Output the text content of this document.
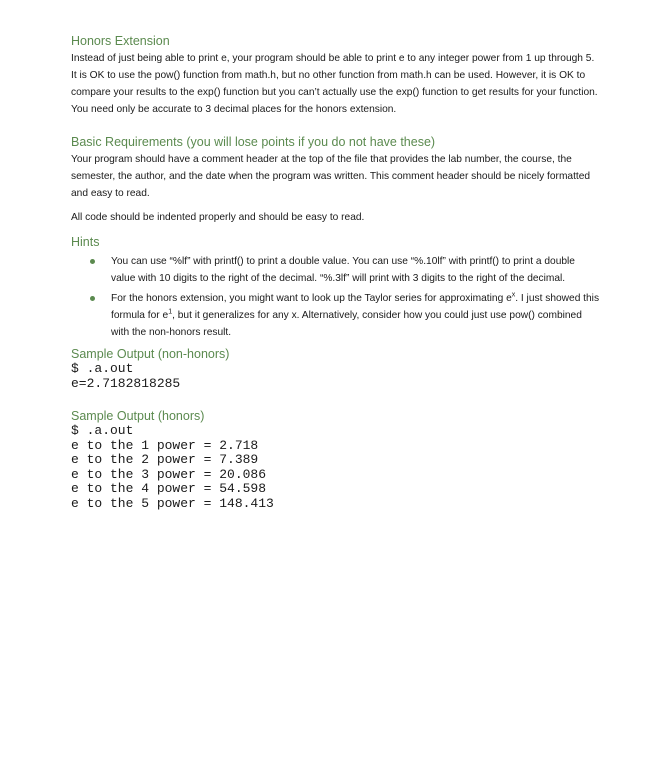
Honors Extension

Instead of just being able to print e, your program should be able to print e to any integer power from 1 up through 5. It is OK to use the pow() function from math.h, but no other function from math.h can be used. However, it is OK to compare your results to the exp() function but you can’t actually use the exp() function to get results for your function. You need only be accurate to 3 decimal places for the honors extension.

Basic Requirements (you will lose points if you do not have these)

Your program should have a comment header at the top of the file that provides the lab number, the course, the semester, the author, and the date when the program was written. This comment header should be nicely formatted and easy to read.

All code should be indented properly and should be easy to read.

Hints
You can use “%lf” with printf() to print a double value. You can use “%.10lf” with printf() to print a double value with 10 digits to the right of the decimal. “%.3lf” will print with 3 digits to the right of the decimal.
For the honors extension, you might want to look up the Taylor series for approximating $e^x$. I just showed this formula for $e^1$, but it generalizes for any x. Alternatively, consider how you could just use pow() combined with the non-honors result.
Sample Output (non-honors)
$ .a.out
e=2.7182818285
Sample Output (honors)
$ .a.out
e to the 1 power = 2.718
e to the 2 power = 7.389
e to the 3 power = 20.086
e to the 4 power = 54.598
e to the 5 power = 148.413
